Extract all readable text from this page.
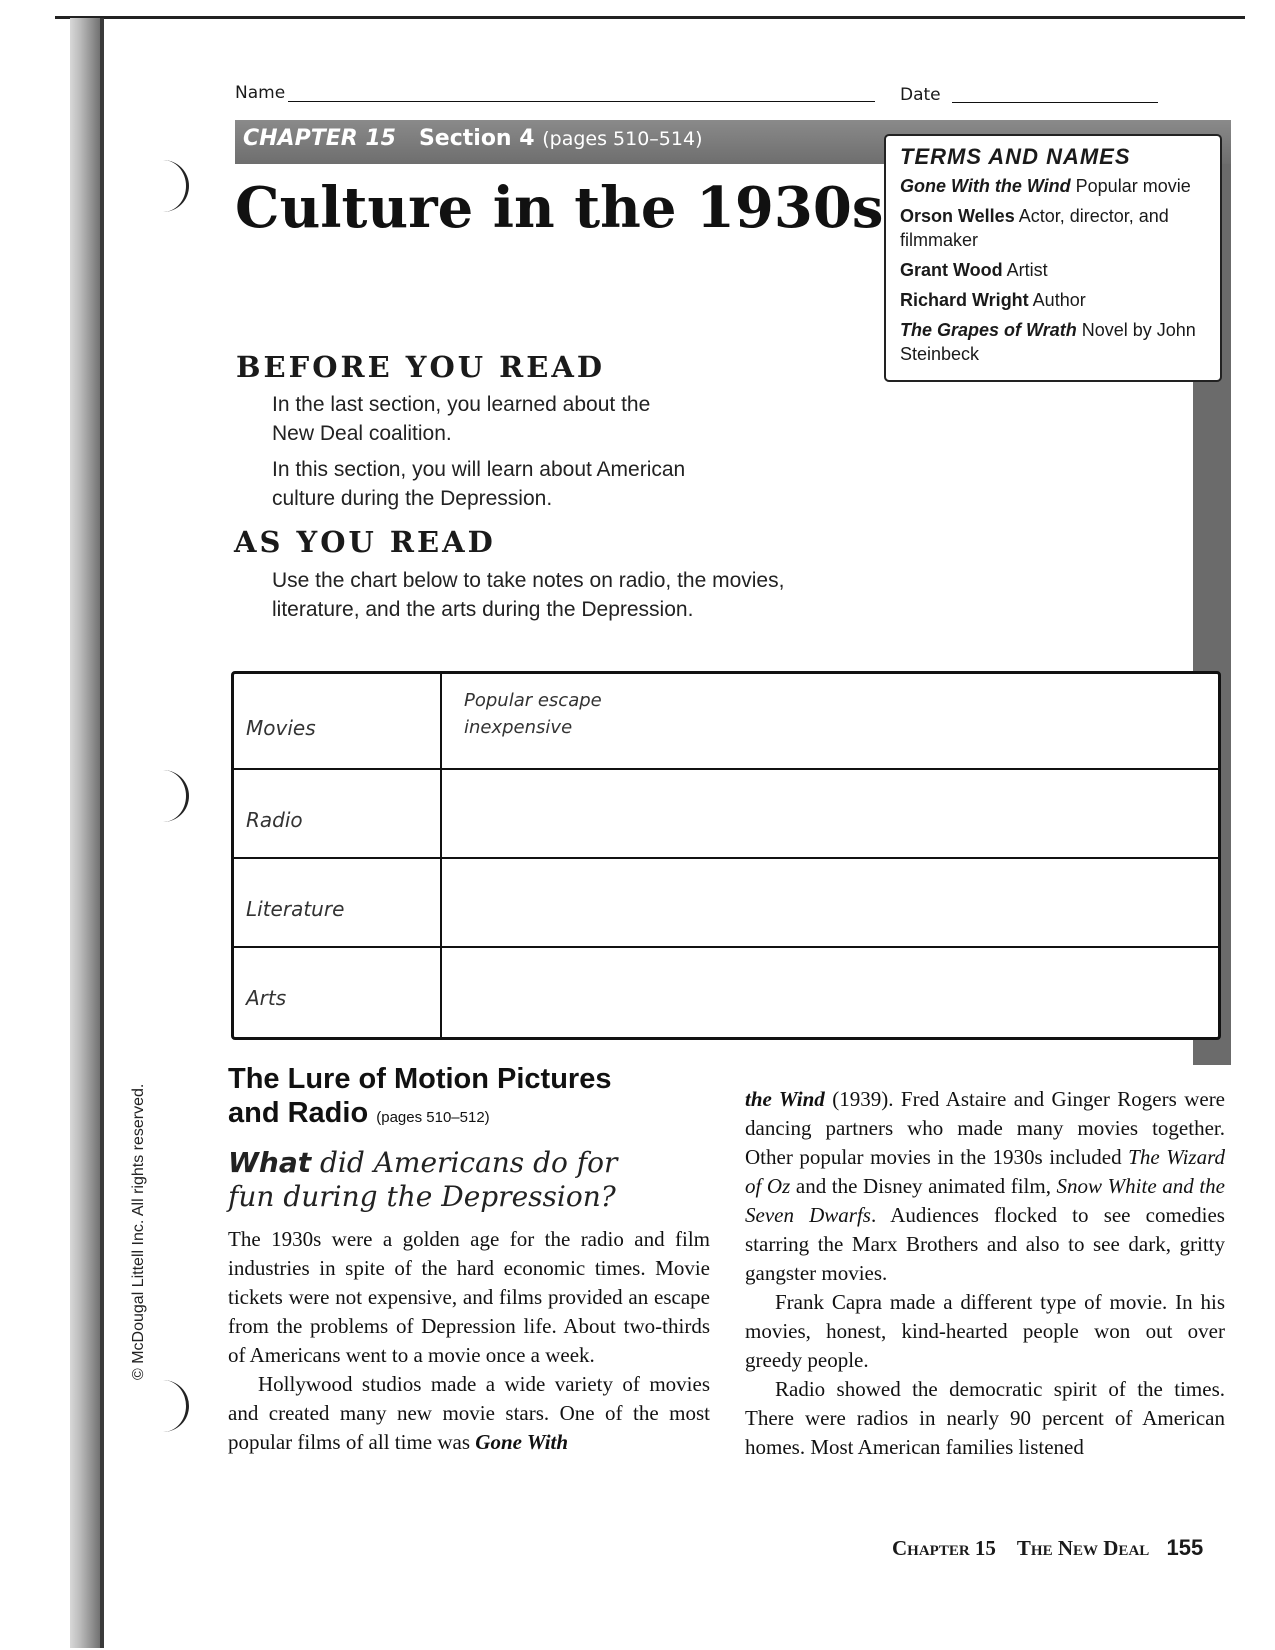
Name	Date
CHAPTER 15 Section 4 (pages 510–514)
Culture in the 1930s
TERMS AND NAMES
Gone With the Wind Popular movie
Orson Welles Actor, director, and filmmaker
Grant Wood Artist
Richard Wright Author
The Grapes of Wrath Novel by John Steinbeck
BEFORE YOU READ
In the last section, you learned about the New Deal coalition.
In this section, you will learn about American culture during the Depression.
AS YOU READ
Use the chart below to take notes on radio, the movies, literature, and the arts during the Depression.
Movies
Popular escape
inexpensive
Radio
Literature
Arts
The Lure of Motion Pictures
and Radio (pages 510–512)
What did Americans do for fun during the Depression?

The 1930s were a golden age for the radio and film industries in spite of the hard economic times. Movie tickets were not expensive, and films provided an escape from the problems of Depression life. About two-thirds of Americans went to a movie once a week.

Hollywood studios made a wide variety of movies and created many new movie stars. One of the most popular films of all time was Gone With

the Wind (1939). Fred Astaire and Ginger Rogers were dancing partners who made many movies together. Other popular movies in the 1930s included The Wizard of Oz and the Disney animated film, Snow White and the Seven Dwarfs. Audiences flocked to see comedies starring the Marx Brothers and also to see dark, gritty gangster movies.

Frank Capra made a different type of movie. In his movies, honest, kind-hearted people won out over greedy people.

Radio showed the democratic spirit of the times. There were radios in nearly 90 percent of American homes. Most American families listened

Chapter 15 The New Deal 155
© McDougal Littell Inc. All rights reserved.
